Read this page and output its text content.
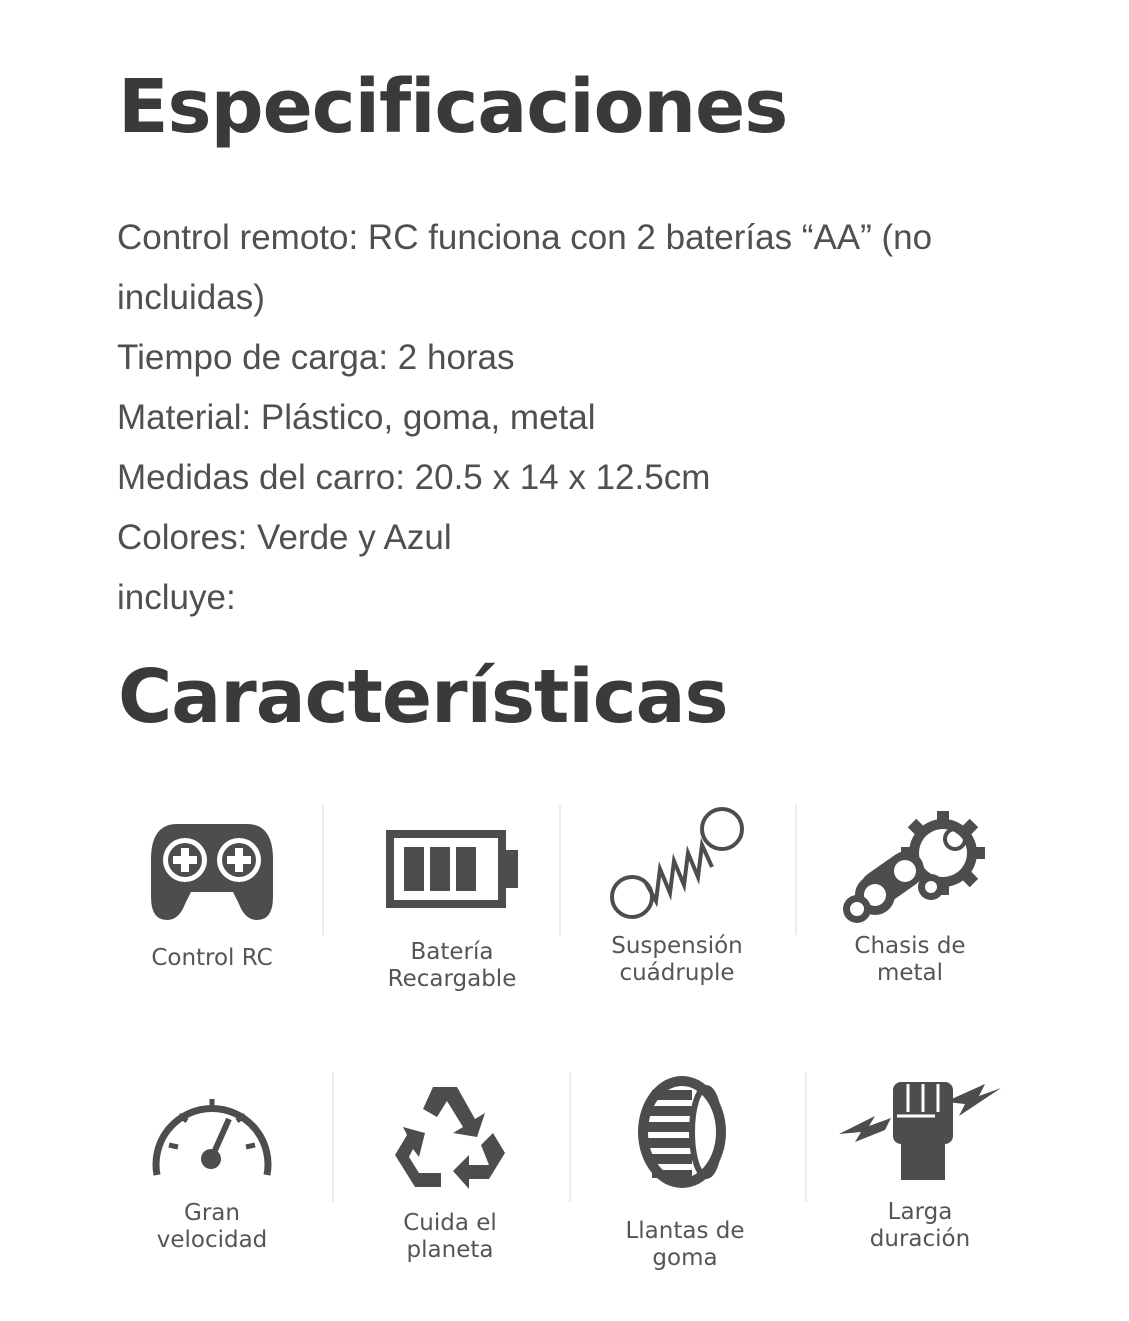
Especificaciones
Control remoto: RC funciona con 2 baterías “AA” (no
incluidas)
Tiempo de carga: 2 horas
Material: Plástico, goma, metal
Medidas del carro: 20.5 x 14 x 12.5cm
Colores: Verde y Azul
incluye:
Características
Control RC	Batería
Recargable
Suspensión
cuádruple
Chasis de
metal
Gran
velocidad
Cuida el
planeta
Llantas de
goma
Larga
duración
